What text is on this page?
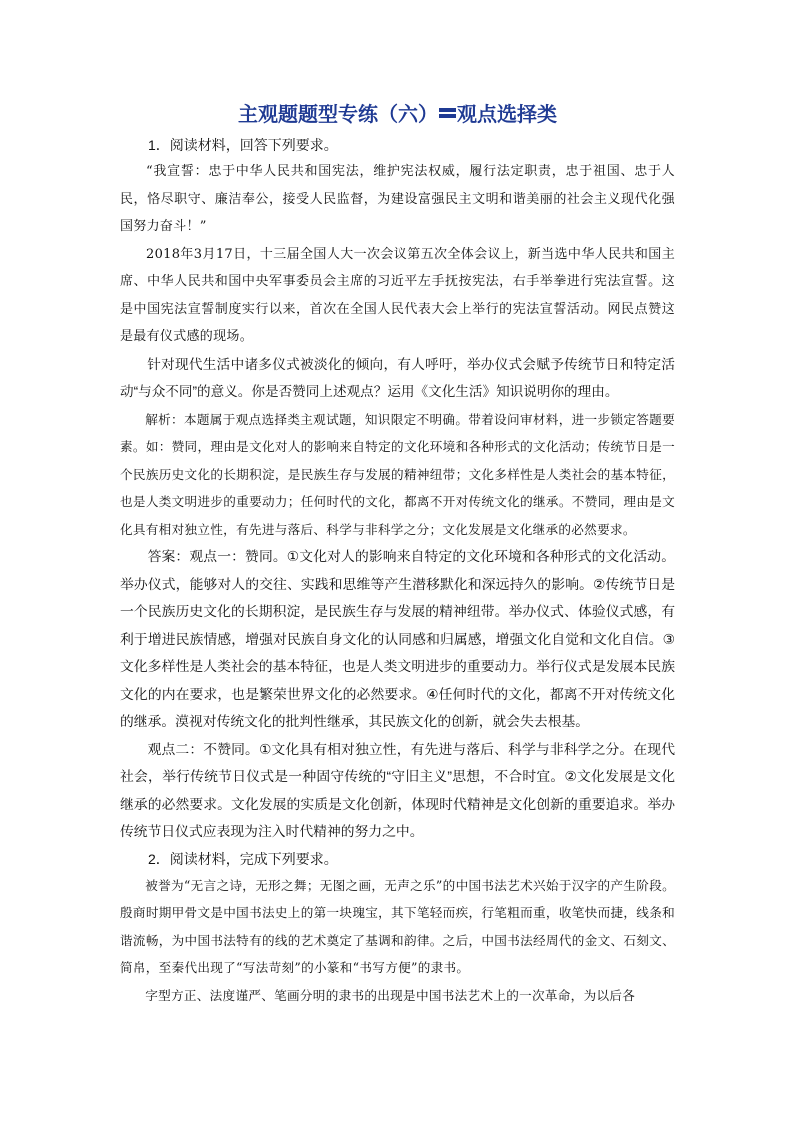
主观题题型专练（六） 观点选择类

1．阅读材料，回答下列要求。

“我宣誓：忠于中华人民共和国宪法，维护宪法权威，履行法定职责，忠于祖国、忠于人民，恪尽职守、廉洁奉公，接受人民监督，为建设富强民主文明和谐美丽的社会主义现代化强国努力奋斗！”

2018年3月17日，十三届全国人大一次会议第五次全体会议上，新当选中华人民共和国主席、中华人民共和国中央军事委员会主席的习近平左手抚按宪法，右手举拳进行宪法宣誓。这是中国宪法宣誓制度实行以来，首次在全国人民代表大会上举行的宪法宣誓活动。网民点赞这是最有仪式感的现场。

针对现代生活中诸多仪式被淡化的倾向，有人呼吁，举办仪式会赋予传统节日和特定活动“与众不同”的意义。你是否赞同上述观点？运用《文化生活》知识说明你的理由。

解析：本题属于观点选择类主观试题，知识限定不明确。带着设问审材料，进一步锁定答题要素。如：赞同，理由是文化对人的影响来自特定的文化环境和各种形式的文化活动；传统节日是一个民族历史文化的长期积淀，是民族生存与发展的精神纽带；文化多样性是人类社会的基本特征，也是人类文明进步的重要动力；任何时代的文化，都离不开对传统文化的继承。不赞同，理由是文化具有相对独立性，有先进与落后、科学与非科学之分；文化发展是文化继承的必然要求。

答案：观点一：赞同。①文化对人的影响来自特定的文化环境和各种形式的文化活动。举办仪式，能够对人的交往、实践和思维等产生潜移默化和深远持久的影响。②传统节日是一个民族历史文化的长期积淀，是民族生存与发展的精神纽带。举办仪式、体验仪式感，有利于增进民族情感，增强对民族自身文化的认同感和归属感，增强文化自觉和文化自信。③文化多样性是人类社会的基本特征，也是人类文明进步的重要动力。举行仪式是发展本民族文化的内在要求，也是繁荣世界文化的必然要求。④任何时代的文化，都离不开对传统文化的继承。漠视对传统文化的批判性继承，其民族文化的创新，就会失去根基。

观点二：不赞同。①文化具有相对独立性，有先进与落后、科学与非科学之分。在现代社会，举行传统节日仪式是一种固守传统的“守旧主义”思想，不合时宜。②文化发展是文化继承的必然要求。文化发展的实质是文化创新，体现时代精神是文化创新的重要追求。举办传统节日仪式应表现为注入时代精神的努力之中。

2．阅读材料，完成下列要求。

被誉为“无言之诗，无形之舞；无图之画，无声之乐”的中国书法艺术兴始于汉字的产生阶段。殷商时期甲骨文是中国书法史上的第一块瑰宝，其下笔轻而疾，行笔粗而重，收笔快而捷，线条和谐流畅，为中国书法特有的线的艺术奠定了基调和韵律。之后，中国书法经周代的金文、石刻文、简帛，至秦代出现了“写法苛刻”的小篆和“书写方便”的隶书。

字型方正、法度谨严、笔画分明的隶书的出现是中国书法艺术上的一次革命，为以后各
